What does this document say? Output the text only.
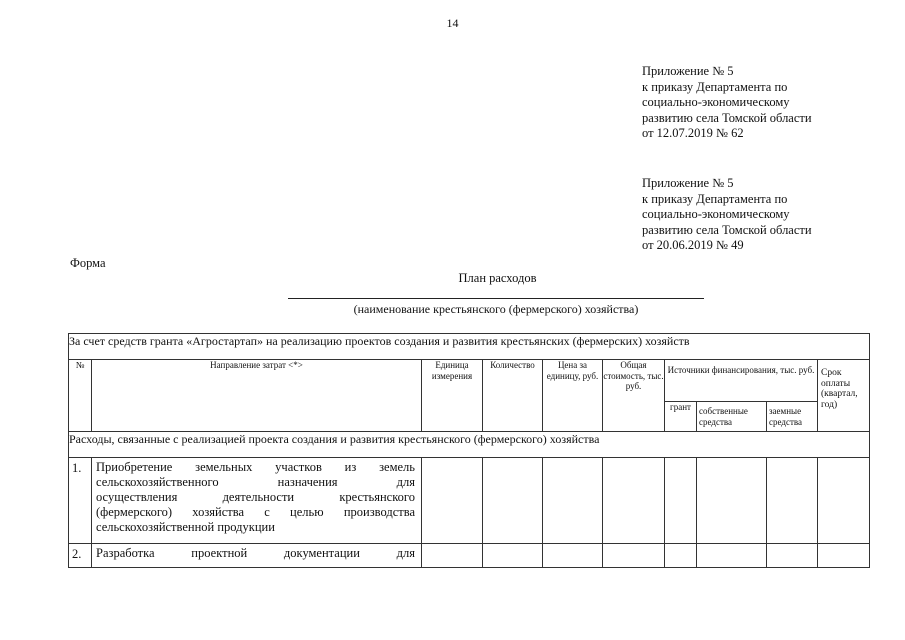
14
Приложение № 5
к приказу Департамента по
социально-экономическому
развитию села Томской области
от 12.07.2019 № 62
Приложение № 5
к приказу Департамента по
социально-экономическому
развитию села Томской области
от 20.06.2019 № 49
Форма
План расходов
(наименование крестьянского (фермерского) хозяйства)
За счет средств гранта «Агростартап» на реализацию проектов создания и развития крестьянских (фермерских) хозяйств									
№	Направление затрат <*>	Единица измерения	Количество	Цена за единицу, руб.	Общая стоимость, тыс. руб.	Источники финансирования, тыс. руб.			Срок оплаты (квартал, год)
						грант	собственные средства	заемные средства	
Расходы, связанные с реализацией проекта создания и развития крестьянского (фермерского) хозяйства									
1.	Приобретение земельных участков из земель
сельскохозяйственного назначения для
осуществления деятельности крестьянского
(фермерского) хозяйства с целью производства
сельскохозяйственной продукции								

2.	Разработка проектной документации для								
